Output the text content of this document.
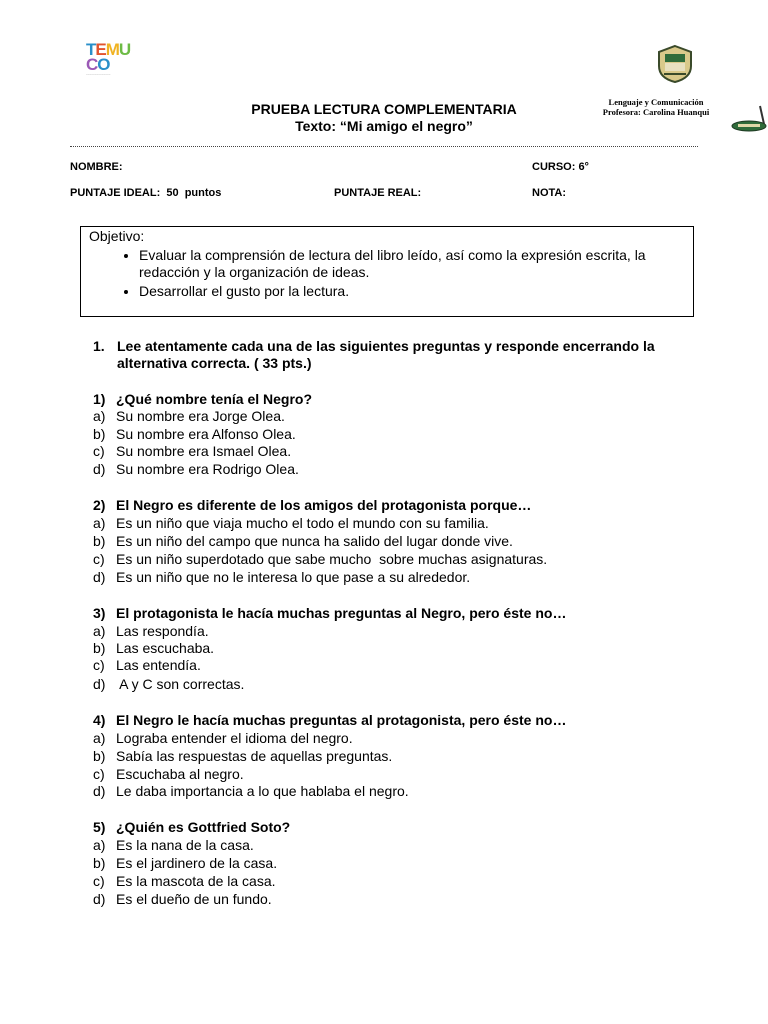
TEMU
CO
~~~~~~~~~~~~~~
PRUEBA LECTURA COMPLEMENTARIA
Texto: “Mi amigo el negro”
Lenguaje y Comunicación
Profesora: Carolina Huanqui
NOMBRE:	CURSO: 6°
PUNTAJE IDEAL:  50  puntos	PUNTAJE REAL:	NOTA:
Objetivo:
• Evaluar la comprensión de lectura del libro leído, así como la expresión escrita, la redacción y la organización de ideas.
• Desarrollar el gusto por la lectura.
1. Lee atentamente cada una de las siguientes preguntas y responde encerrando la alternativa correcta. ( 33 pts.)
1) ¿Qué nombre tenía el Negro?
a) Su nombre era Jorge Olea.
b) Su nombre era Alfonso Olea.
c) Su nombre era Ismael Olea.
d) Su nombre era Rodrigo Olea.
2) El Negro es diferente de los amigos del protagonista porque…
a) Es un niño que viaja mucho el todo el mundo con su familia.
b) Es un niño del campo que nunca ha salido del lugar donde vive.
c) Es un niño superdotado que sabe mucho  sobre muchas asignaturas.
d) Es un niño que no le interesa lo que pase a su alrededor.
3) El protagonista le hacía muchas preguntas al Negro, pero éste no…
a) Las respondía.
b) Las escuchaba.
c) Las entendía.
d) A y C son correctas.
4) El Negro le hacía muchas preguntas al protagonista, pero éste no…
a) Lograba entender el idioma del negro.
b) Sabía las respuestas de aquellas preguntas.
c) Escuchaba al negro.
d) Le daba importancia a lo que hablaba el negro.
5) ¿Quién es Gottfried Soto?
a) Es la nana de la casa.
b) Es el jardinero de la casa.
c) Es la mascota de la casa.
d) Es el dueño de un fundo.
